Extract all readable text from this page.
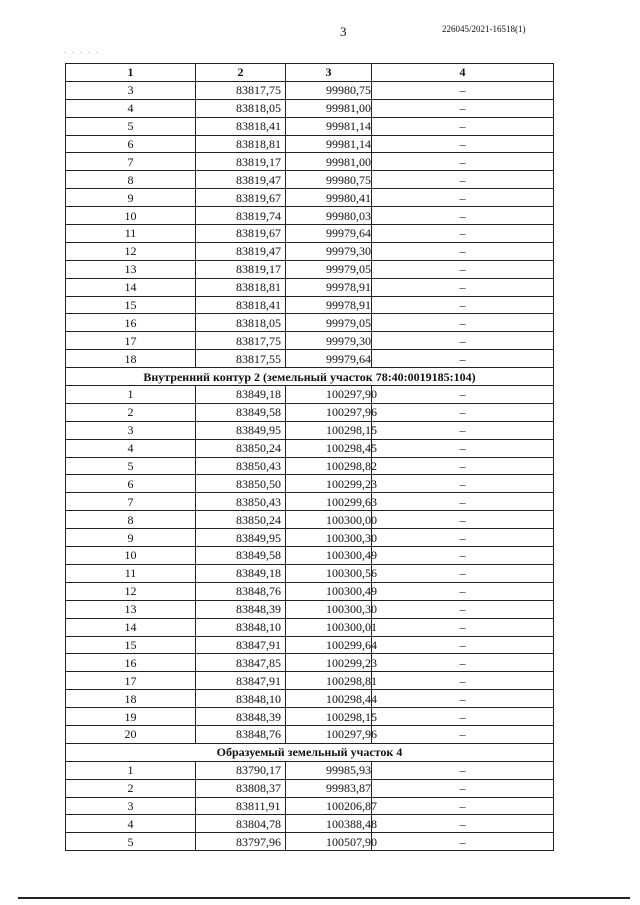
3	226045/2021-16518(1)
. . . . .
1	2	3	4
3	83817,75	99980,75	–
4	83818,05	99981,00	–
5	83818,41	99981,14	–
6	83818,81	99981,14	–
7	83819,17	99981,00	–
8	83819,47	99980,75	–
9	83819,67	99980,41	–
10	83819,74	99980,03	–
11	83819,67	99979,64	–
12	83819,47	99979,30	–
13	83819,17	99979,05	–
14	83818,81	99978,91	–
15	83818,41	99978,91	–
16	83818,05	99979,05	–
17	83817,75	99979,30	–
18	83817,55	99979,64	–
Внутренний контур 2 (земельный участок 78:40:0019185:104)			
1	83849,18	100297,90	–
2	83849,58	100297,96	–
3	83849,95	100298,15	–
4	83850,24	100298,45	–
5	83850,43	100298,82	–
6	83850,50	100299,23	–
7	83850,43	100299,63	–
8	83850,24	100300,00	–
9	83849,95	100300,30	–
10	83849,58	100300,49	–
11	83849,18	100300,56	–
12	83848,76	100300,49	–
13	83848,39	100300,30	–
14	83848,10	100300,01	–
15	83847,91	100299,64	–
16	83847,85	100299,23	–
17	83847,91	100298,81	–
18	83848,10	100298,44	–
19	83848,39	100298,15	–
20	83848,76	100297,96	–
Образуемый земельный участок 4			
1	83790,17	99985,93	–
2	83808,37	99983,87	–
3	83811,91	100206,87	–
4	83804,78	100388,48	–
5	83797,96	100507,90	–
